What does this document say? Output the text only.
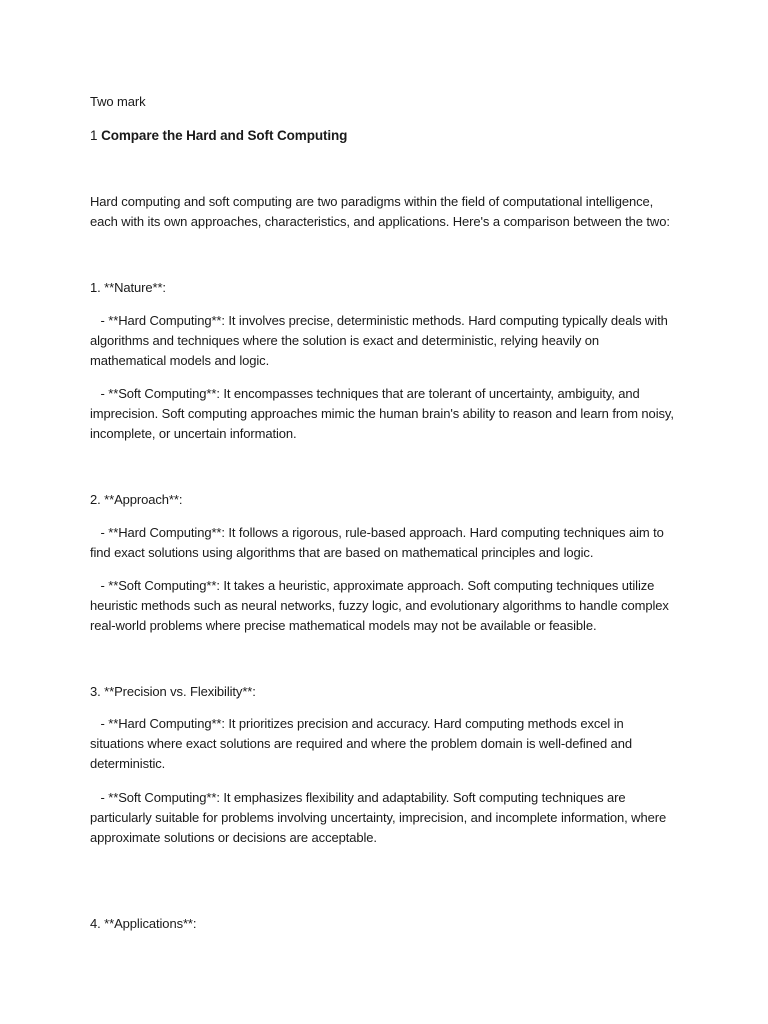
Two mark
1 Compare the Hard and Soft Computing
Hard computing and soft computing are two paradigms within the field of computational intelligence,
each with its own approaches, characteristics, and applications. Here's a comparison between the two:
1. **Nature**:
- **Hard Computing**: It involves precise, deterministic methods. Hard computing typically deals with
algorithms and techniques where the solution is exact and deterministic, relying heavily on
mathematical models and logic.
- **Soft Computing**: It encompasses techniques that are tolerant of uncertainty, ambiguity, and
imprecision. Soft computing approaches mimic the human brain's ability to reason and learn from noisy,
incomplete, or uncertain information.
2. **Approach**:
- **Hard Computing**: It follows a rigorous, rule-based approach. Hard computing techniques aim to
find exact solutions using algorithms that are based on mathematical principles and logic.
- **Soft Computing**: It takes a heuristic, approximate approach. Soft computing techniques utilize
heuristic methods such as neural networks, fuzzy logic, and evolutionary algorithms to handle complex
real-world problems where precise mathematical models may not be available or feasible.
3. **Precision vs. Flexibility**:
- **Hard Computing**: It prioritizes precision and accuracy. Hard computing methods excel in
situations where exact solutions are required and where the problem domain is well-defined and
deterministic.
- **Soft Computing**: It emphasizes flexibility and adaptability. Soft computing techniques are
particularly suitable for problems involving uncertainty, imprecision, and incomplete information, where
approximate solutions or decisions are acceptable.
4. **Applications**:
